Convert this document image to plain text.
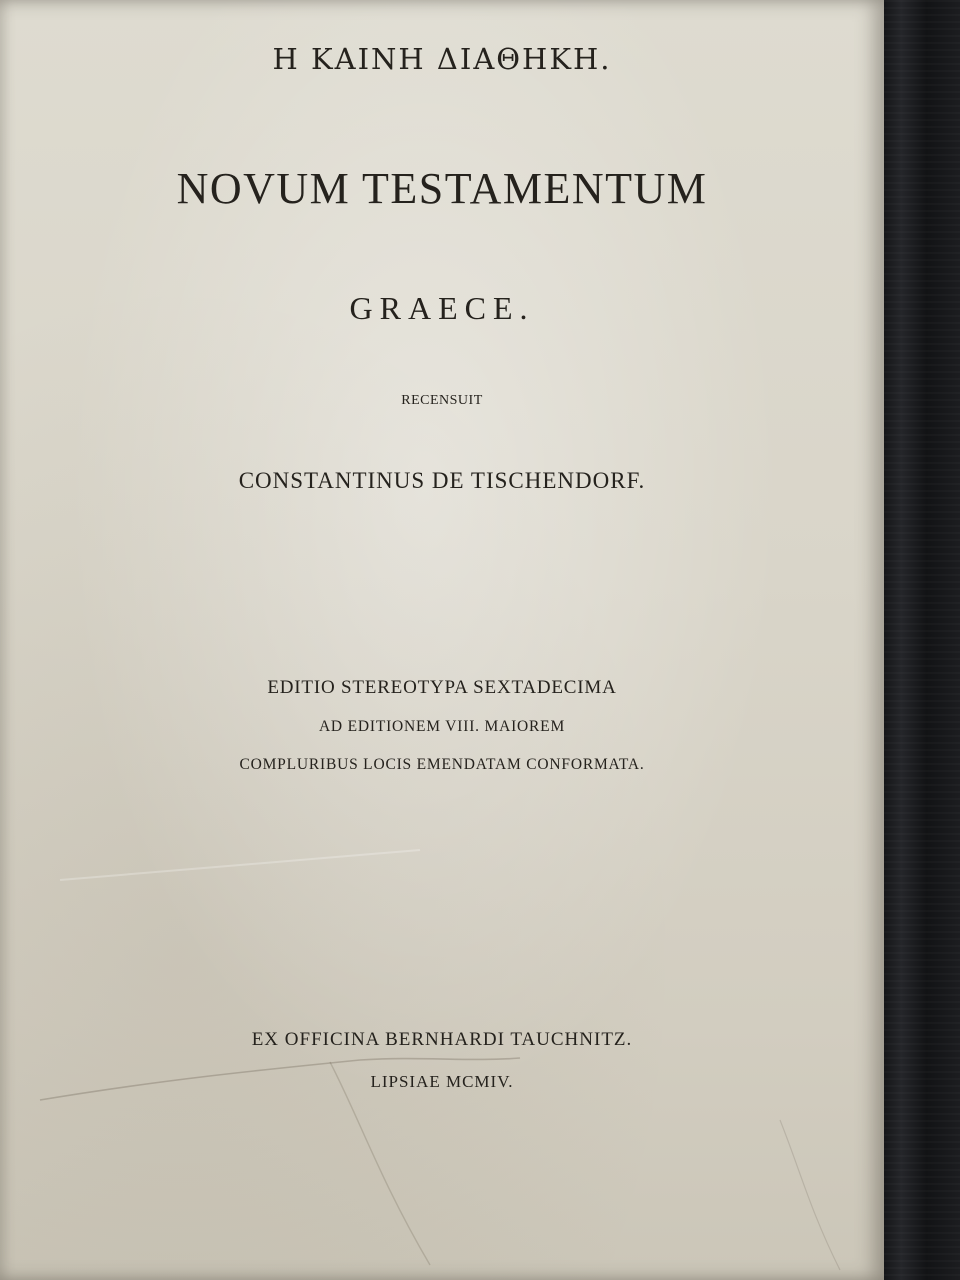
Η ΚΑΙΝΗ ΔΙΑΘΗΚΗ.

NOVUM TESTAMENTUM

GRAECE.

RECENSUIT

CONSTANTINUS DE TISCHENDORF.

EDITIO STEREOTYPA SEXTADECIMA

AD EDITIONEM VIII. MAIOREM

COMPLURIBUS LOCIS EMENDATAM CONFORMATA.

EX OFFICINA BERNHARDI TAUCHNITZ.

LIPSIAE MCMIV.
